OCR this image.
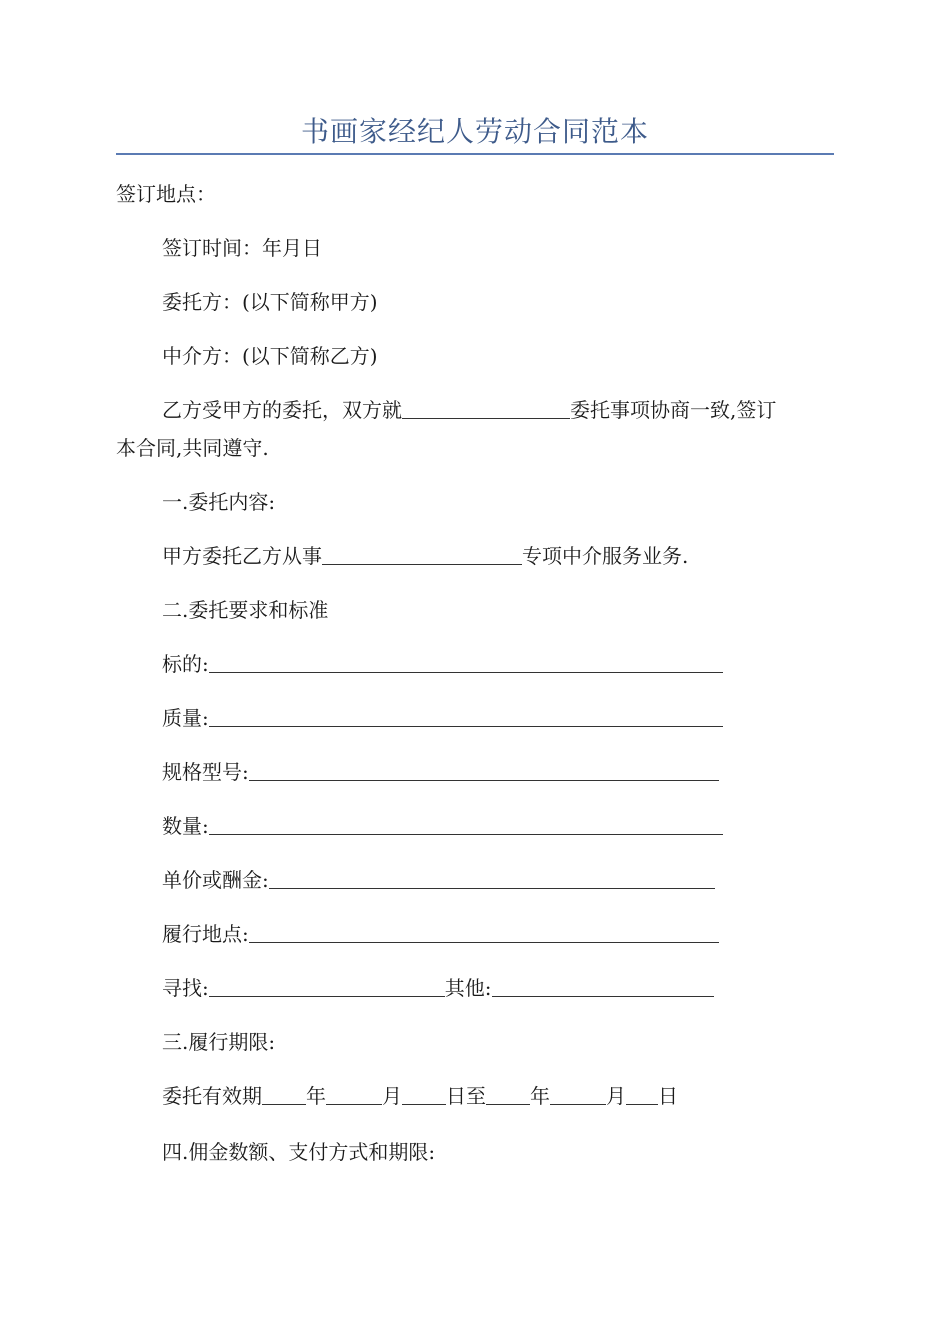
书画家经纪人劳动合同范本
签订地点：
签订时间：年月日
委托方：(以下简称甲方)
中介方：(以下简称乙方)
乙方受甲方的委托，双方就	委托事项协商一致,签订
本合同,共同遵守.
一.委托内容:
甲方委托乙方从事	专项中介服务业务.
二.委托要求和标准
标的:
质量:
规格型号:
数量:
单价或酬金:
履行地点:
寻找:	其他:
三.履行期限:
委托有效期 年	月 日至 年	月 日
四.佣金数额、支付方式和期限:
